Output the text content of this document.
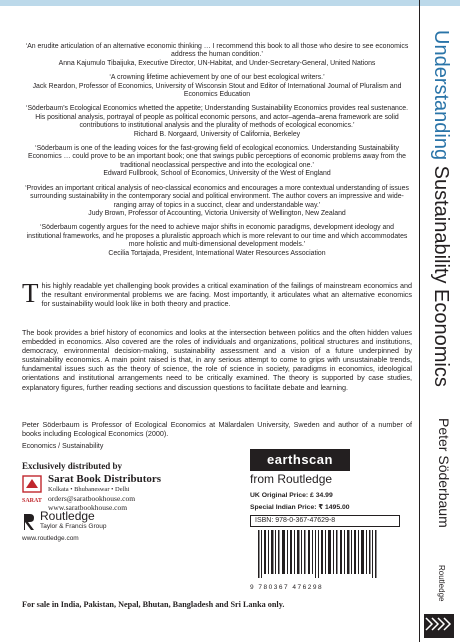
‘An erudite articulation of an alternative economic thinking … I recommend this book to all those who desire to see economics address the human condition.’

Anna Kajumulo Tibaijuka, Executive Director, UN-Habitat, and Under-Secretary-General, United Nations

‘A crowning lifetime achievement by one of our best ecological writers.’

Jack Reardon, Professor of Economics, University of Wisconsin Stout and Editor of International Journal of Pluralism and Economics Education

‘Söderbaum’s Ecological Economics whetted the appetite; Understanding Sustainability Economics provides real sustenance. His positional analysis, portrayal of people as political economic persons, and actor–agenda–arena framework are solid contributions to institutional analysis and the plurality of methods of ecological economics.’

Richard B. Norgaard, University of California, Berkeley

‘Söderbaum is one of the leading voices for the fast-growing field of ecological economics. Understanding Sustainability Economics … could prove to be an important book; one that swings public perceptions of economic problems away from the traditional neoclassical perspective and into the ecological one.’

Edward Fullbrook, School of Economics, University of the West of England

‘Provides an important critical analysis of neo-classical economics and encourages a more contextual understanding of issues surrounding sustainability in the contemporary social and political environment. The author covers an impressive and wide-ranging array of topics in a succinct, clear and understandable way.’

Judy Brown, Professor of Accounting, Victoria University of Wellington, New Zealand

‘Söderbaum cogently argues for the need to achieve major shifts in economic paradigms, development ideology and institutional frameworks, and he proposes a pluralistic approach which is more relevant to our time and which accommodates more holistic and multi-dimensional development models.’

Cecilia Tortajada, President, International Water Resources Association

This highly readable yet challenging book provides a critical examination of the failings of mainstream economics and the resultant environmental problems we are facing. Most importantly, it articulates what an alternative economics for sustainability would look like in both theory and practice.

The book provides a brief history of economics and looks at the intersection between politics and the often hidden values embedded in economics. Also covered are the roles of individuals and organizations, political structures and institutions, democracy, environmental decision-making, sustainability assessment and a vision of a future underpinned by sustainability economics. A main point raised is that, in any serious attempt to come to grips with unsustainable trends, fundamental issues such as the theory of science, the role of science in society, paradigms in economics, ideological orientations and institutional arrangements need to be critically examined. The theory is supported by case studies, explanatory figures, further reading sections and discussion questions to facilitate debate and learning.

Peter Söderbaum is Professor of Ecological Economics at Mälardalen University, Sweden and author of a number of books including Ecological Economics (2000).

Economics / Sustainability
Exclusively distributed by
SARAT
Sarat Book Distributors
Kolkata • Bhubaneswar • Delhi
orders@saratbookhouse.com
www.saratbookhouse.com
Routledge
Taylor & Francis Group
www.routledge.com
earthscan
from Routledge
UK Original Price: £ 34.99
Special Indian Price: ₹ 1495.00
ISBN: 978-0-367-47629-8
9 780367 476298
For sale in India, Pakistan, Nepal, Bhutan, Bangladesh and Sri Lanka only.
Understanding Sustainability Economics
Peter Söderbaum
Routledge
